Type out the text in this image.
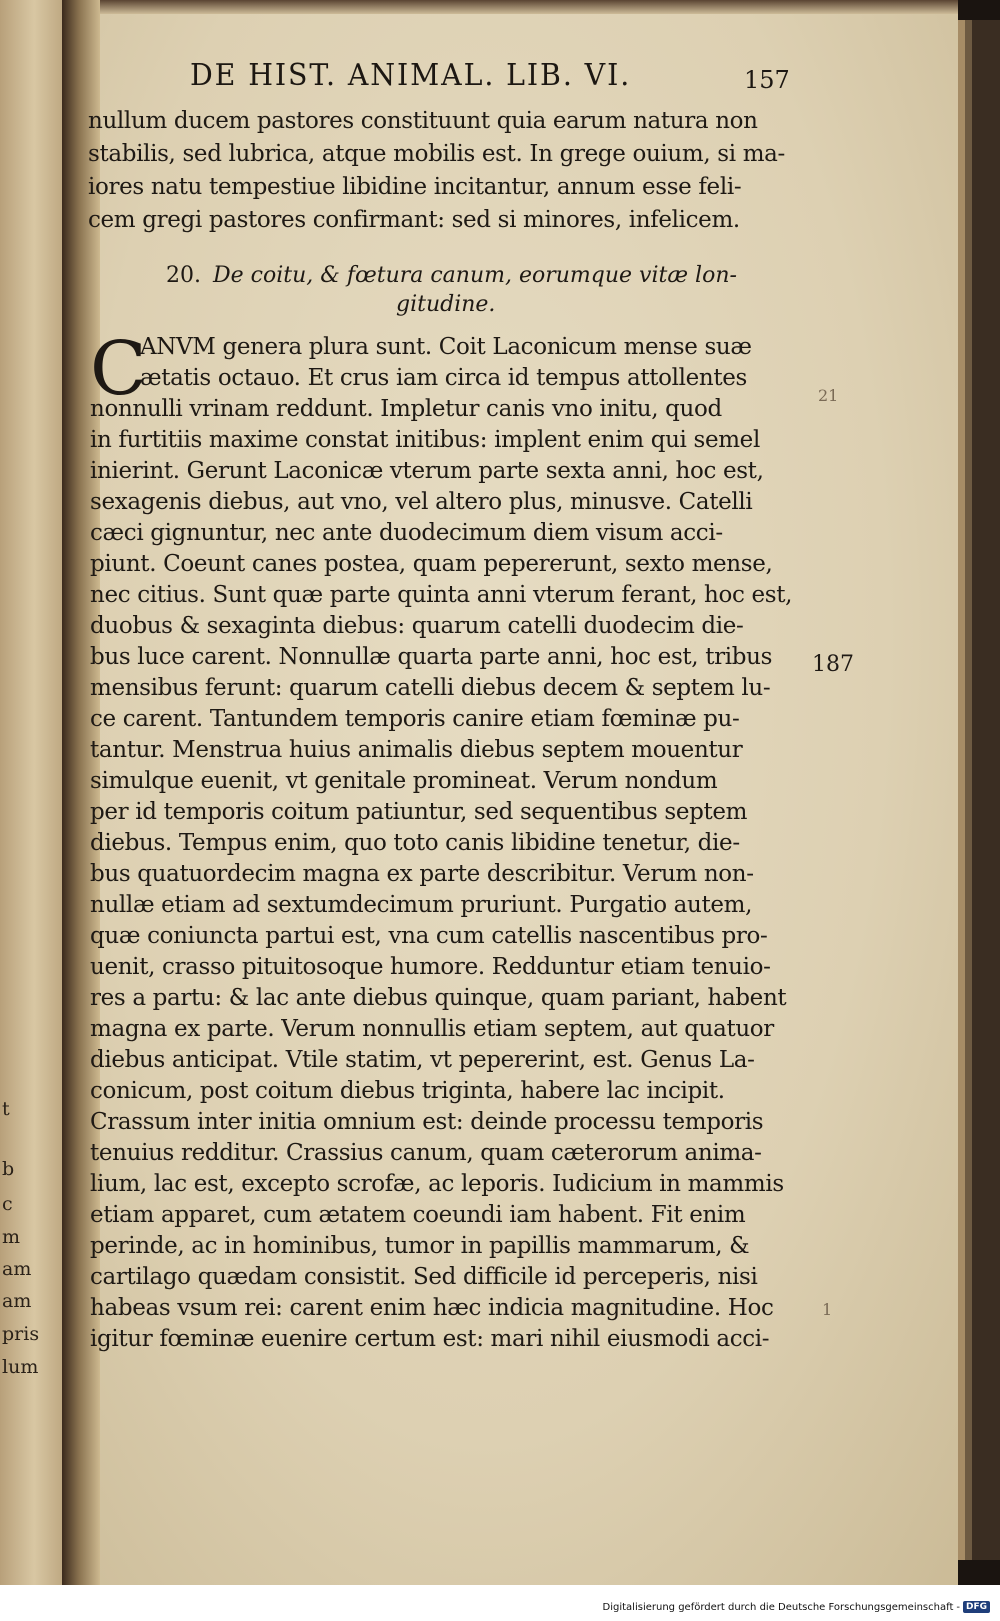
t
b
c
m
am
am
pris
lum
DE HIST. ANIMAL. LIB. VI.	157
nullum ducem pastores constituunt quia earum natura non
stabilis, sed lubrica, atque mobilis est. In grege ouium, si ma-
iores natu tempestiue libidine incitantur, annum esse feli-
cem gregi pastores confirmant: sed si minores, infelicem.
20. De coitu, & fœtura canum, eorumque vitæ lon-
gitudine.
C
ANVM genera plura sunt. Coit Laconicum mense suæ
ætatis octauo. Et crus iam circa id tempus attollentes
nonnulli vrinam reddunt. Impletur canis vno initu, quod
in furtitiis maxime constat initibus: implent enim qui semel
inierint. Gerunt Laconicæ vterum parte sexta anni, hoc est,
sexagenis diebus, aut vno, vel altero plus, minusve. Catelli
cæci gignuntur, nec ante duodecimum diem visum acci-
piunt. Coeunt canes postea, quam pepererunt, sexto mense,
nec citius. Sunt quæ parte quinta anni vterum ferant, hoc est,
duobus & sexaginta diebus: quarum catelli duodecim die-
bus luce carent. Nonnullæ quarta parte anni, hoc est, tribus
mensibus ferunt: quarum catelli diebus decem & septem lu-
ce carent. Tantundem temporis canire etiam fœminæ pu-
tantur. Menstrua huius animalis diebus septem mouentur
simulque euenit, vt genitale promineat. Verum nondum
per id temporis coitum patiuntur, sed sequentibus septem
diebus. Tempus enim, quo toto canis libidine tenetur, die-
bus quatuordecim magna ex parte describitur. Verum non-
nullæ etiam ad sextumdecimum pruriunt. Purgatio autem,
quæ coniuncta partui est, vna cum catellis nascentibus pro-
uenit, crasso pituitosoque humore. Redduntur etiam tenuio-
res a partu: & lac ante diebus quinque, quam pariant, habent
magna ex parte. Verum nonnullis etiam septem, aut quatuor
diebus anticipat. Vtile statim, vt pepererint, est. Genus La-
conicum, post coitum diebus triginta, habere lac incipit.
Crassum inter initia omnium est: deinde processu temporis
tenuius redditur. Crassius canum, quam cæterorum anima-
lium, lac est, excepto scrofæ, ac leporis. Iudicium in mammis
etiam apparet, cum ætatem coeundi iam habent. Fit enim
perinde, ac in hominibus, tumor in papillis mammarum, &
cartilago quædam consistit. Sed difficile id perceperis, nisi
habeas vsum rei: carent enim hæc indicia magnitudine. Hoc
igitur fœminæ euenire certum est: mari nihil eiusmodi acci-
187
21
1
Digitalisierung gefördert durch die Deutsche Forschungsgemeinschaft - DFG
